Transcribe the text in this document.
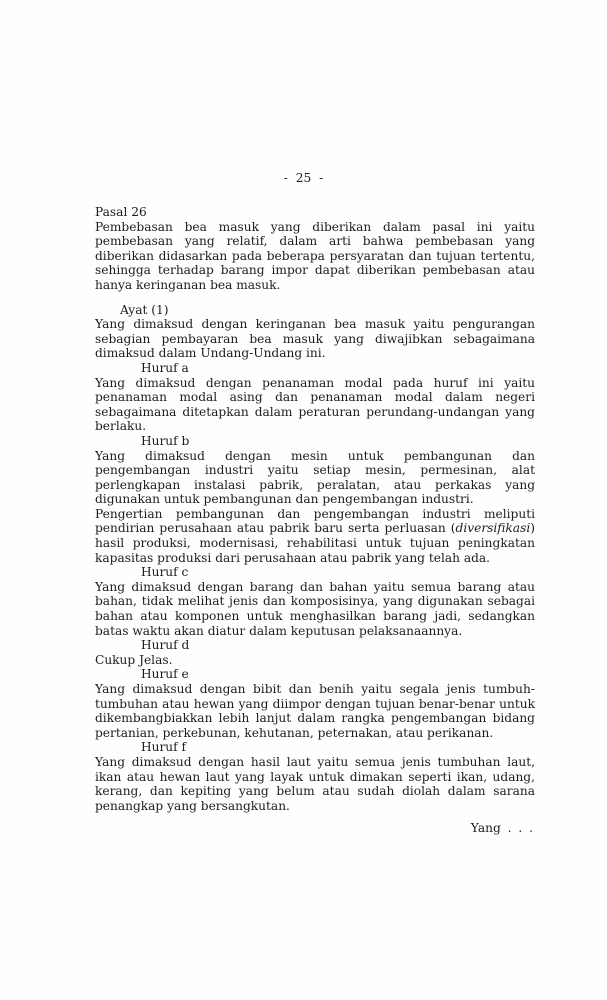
- 25 -
Pasal 26

Pembebasan bea masuk yang diberikan dalam pasal ini yaitu pembebasan yang relatif, dalam arti bahwa pembebasan yang diberikan didasarkan pada beberapa persyaratan dan tujuan tertentu, sehingga terhadap barang impor dapat diberikan pembebasan atau hanya keringanan bea masuk.

Ayat (1)

Yang dimaksud dengan keringanan bea masuk yaitu pengurangan sebagian pembayaran bea masuk yang diwajibkan sebagaimana dimaksud dalam Undang-Undang ini.

Huruf a

Yang dimaksud dengan penanaman modal pada huruf ini yaitu penanaman modal asing dan penanaman modal dalam negeri sebagaimana ditetapkan dalam peraturan perundang-undangan yang berlaku.

Huruf b

Yang dimaksud dengan mesin untuk pembangunan dan pengembangan industri yaitu setiap mesin, permesinan, alat perlengkapan instalasi pabrik, peralatan, atau perkakas yang digunakan untuk pembangunan dan pengembangan industri.

Pengertian pembangunan dan pengembangan industri meliputi pendirian perusahaan atau pabrik baru serta perluasan (diversifikasi) hasil produksi, modernisasi, rehabilitasi untuk tujuan peningkatan kapasitas produksi dari perusahaan atau pabrik yang telah ada.

Huruf c

Yang dimaksud dengan barang dan bahan yaitu semua barang atau bahan, tidak melihat jenis dan komposisinya, yang digunakan sebagai bahan atau komponen untuk menghasilkan barang jadi, sedangkan batas waktu akan diatur dalam keputusan pelaksanaannya.

Huruf d

Cukup Jelas.

Huruf e

Yang dimaksud dengan bibit dan benih yaitu segala jenis tumbuh-tumbuhan atau hewan yang diimpor dengan tujuan benar-benar untuk dikembangbiakkan lebih lanjut dalam rangka pengembangan bidang pertanian, perkebunan, kehutanan, peternakan, atau perikanan.

Huruf f

Yang dimaksud dengan hasil laut yaitu semua jenis tumbuhan laut, ikan atau hewan laut yang layak untuk dimakan seperti ikan, udang, kerang, dan kepiting yang belum atau sudah diolah dalam sarana penangkap yang bersangkutan.

Yang . . .
